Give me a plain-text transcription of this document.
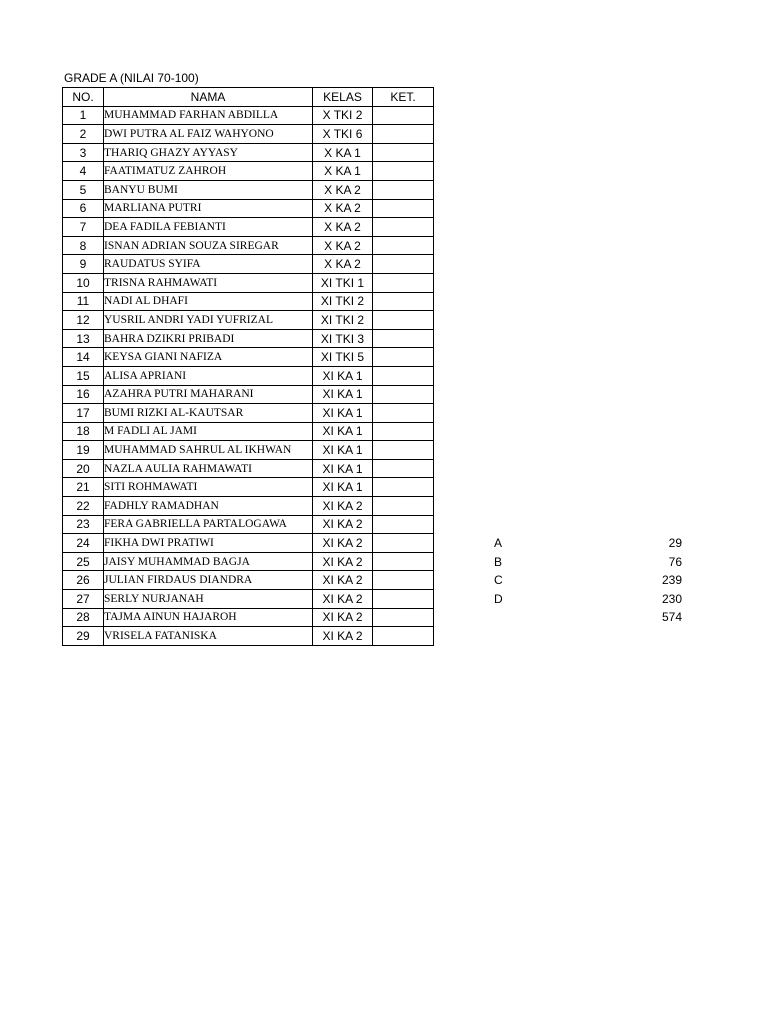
GRADE A (NILAI 70-100)
NO.	NAMA	KELAS	KET.
1	MUHAMMAD FARHAN ABDILLA	X TKI 2	
2	DWI PUTRA AL FAIZ WAHYONO	X TKI 6	
3	THARIQ GHAZY AYYASY	X KA 1	
4	FAATIMATUZ ZAHROH	X KA 1	
5	BANYU BUMI	X KA 2	
6	MARLIANA PUTRI	X KA 2	
7	DEA FADILA FEBIANTI	X KA 2	
8	ISNAN ADRIAN SOUZA SIREGAR	X KA 2	
9	RAUDATUS SYIFA	X KA 2	
10	TRISNA RAHMAWATI	XI TKI 1	
11	NADI AL DHAFI	XI TKI 2	
12	YUSRIL ANDRI YADI YUFRIZAL	XI TKI 2	
13	BAHRA DZIKRI PRIBADI	XI TKI 3	
14	KEYSA GIANI NAFIZA	XI TKI 5	
15	ALISA APRIANI	XI KA 1	
16	AZAHRA PUTRI MAHARANI	XI KA 1	
17	BUMI RIZKI AL-KAUTSAR	XI KA 1	
18	M FADLI AL JAMI	XI KA 1	
19	MUHAMMAD SAHRUL AL IKHWAN	XI KA 1	
20	NAZLA AULIA RAHMAWATI	XI KA 1	
21	SITI ROHMAWATI	XI KA 1	
22	FADHLY RAMADHAN	XI KA 2	
23	FERA GABRIELLA PARTALOGAWA	XI KA 2	
24	FIKHA DWI PRATIWI	XI KA 2	
25	JAISY MUHAMMAD BAGJA	XI KA 2	
26	JULIAN FIRDAUS DIANDRA	XI KA 2	
27	SERLY NURJANAH	XI KA 2	
28	TAJMA AINUN HAJAROH	XI KA 2	
29	VRISELA FATANISKA	XI KA 2	
A	29
B	76
C	239
D	230
574
